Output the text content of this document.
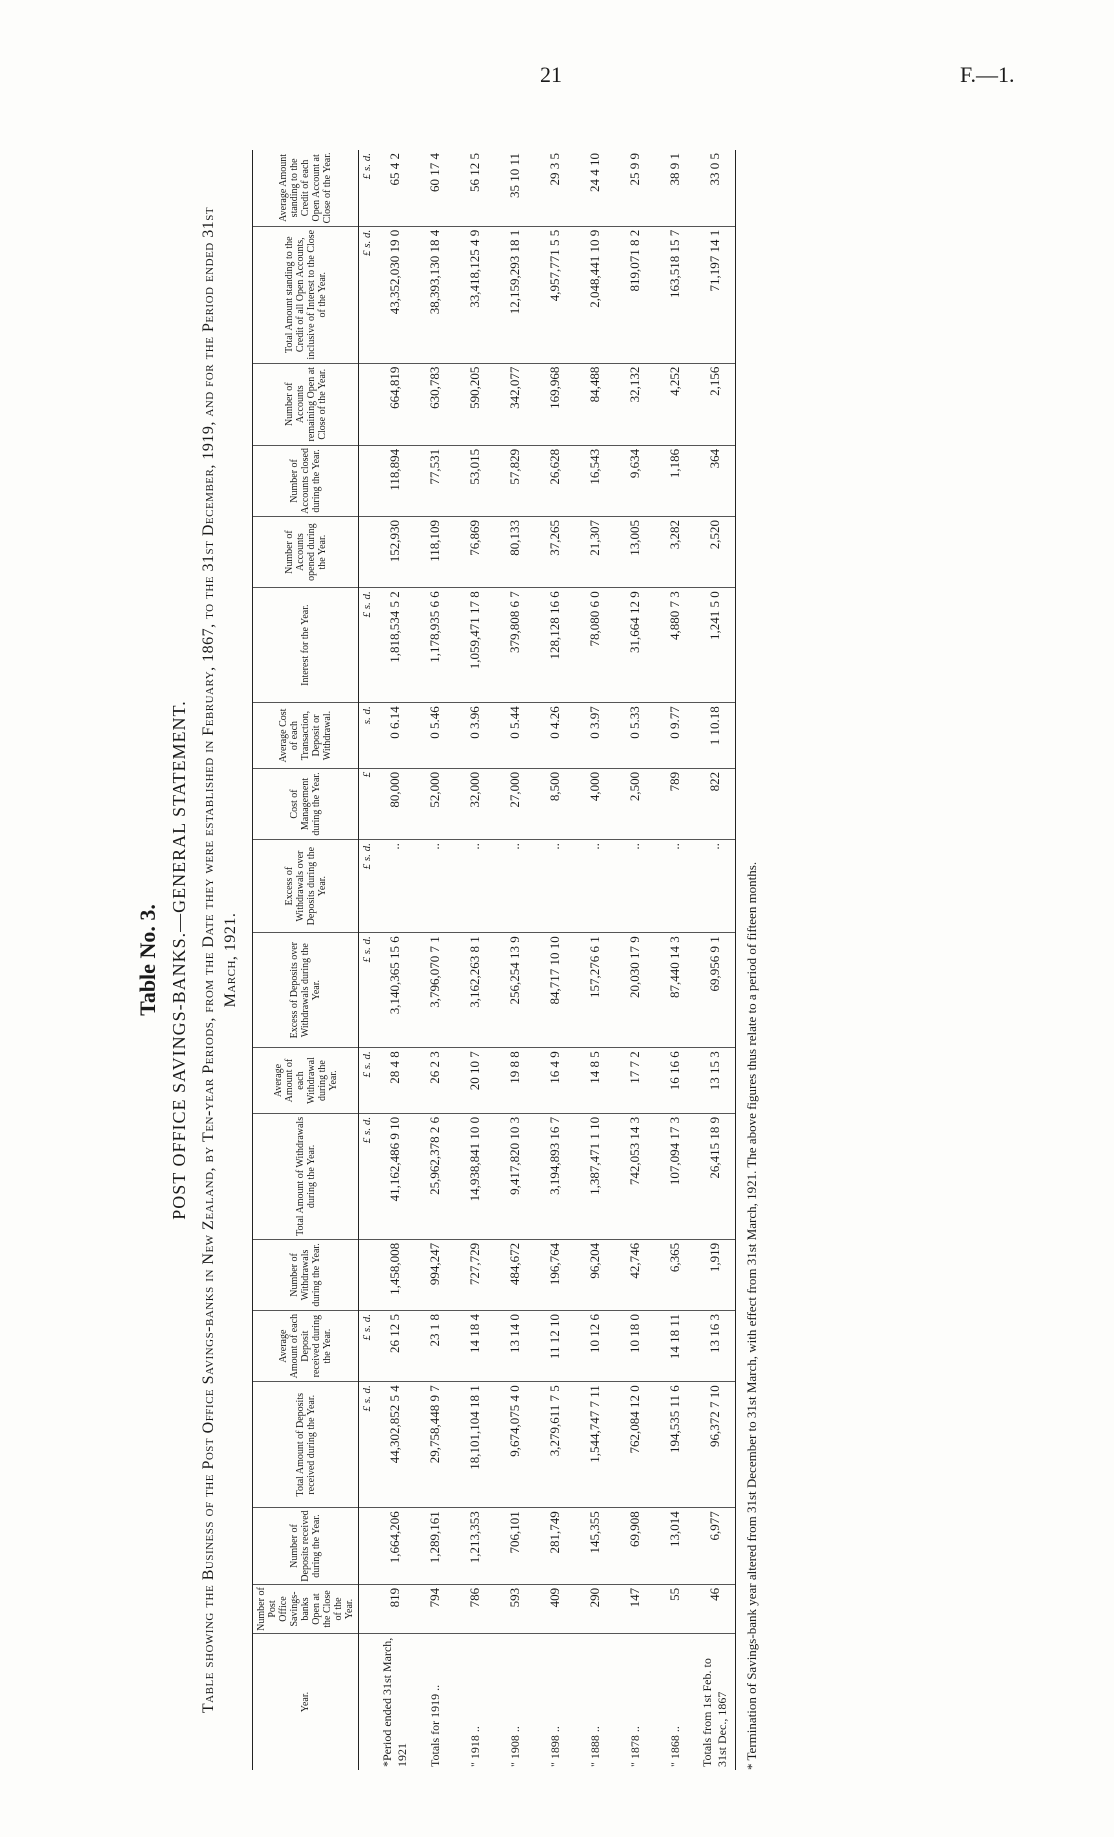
21	F.—1.
Table No. 3. POST OFFICE SAVINGS-BANKS.—GENERAL STATEMENT. Table showing the Business of the Post Office Savings-banks in New Zealand, by Ten-year Periods, from the Date they were established in February, 1867, to the 31st December, 1919, and for the Period ended 31st March, 1921.
Year.	Number of Post Office Savings-banks Open at the Close of the Year.	Number of Deposits received during the Year.	Total Amount of Deposits received during the Year.	Average Amount of each Deposit received during the Year.	Number of Withdrawals during the Year.	Total Amount of Withdrawals during the Year.	Average Amount of each Withdrawal during the Year.	Excess of Deposits over Withdrawals during the Year.	Excess of Withdrawals over Deposits during the Year.	Cost of Management during the Year.	Average Cost of each Transaction, Deposit or Withdrawal.	Interest for the Year.	Number of Accounts opened during the Year.	Number of Accounts closed during the Year.	Number of Accounts remaining Open at Close of the Year.	Total Amount standing to the Credit of all Open Accounts, inclusive of Interest to the Close of the Year.	Average Amount standing to the Credit of each Open Account at Close of the Year.
			£ s. d.	£ s. d.		£ s. d.	£ s. d.	£ s. d.	£ s. d.	£	s. d.	£ s. d.				£ s. d.	£ s. d.
*Period ended 31st March, 1921	819	1,664,206	44,302,852 5 4	26 12 5	1,458,008	41,162,486 9 10	28 4 8	3,140,365 15 6	..	80,000	0 6.14	1,818,534 5 2	152,930	118,894	664,819	43,352,030 19 0	65 4 2
Totals for 1919 ..	794	1,289,161	29,758,448 9 7	23 1 8	994,247	25,962,378 2 6	26 2 3	3,796,070 7 1	..	52,000	0 5.46	1,178,935 6 6	118,109	77,531	630,783	38,393,130 18 4	60 17 4
" 1918 ..	786	1,213,353	18,101,104 18 1	14 18 4	727,729	14,938,841 10 0	20 10 7	3,162,263 8 1	..	32,000	0 3.96	1,059,471 17 8	76,869	53,015	590,205	33,418,125 4 9	56 12 5
" 1908 ..	593	706,101	9,674,075 4 0	13 14 0	484,672	9,417,820 10 3	19 8 8	256,254 13 9	..	27,000	0 5.44	379,808 6 7	80,133	57,829	342,077	12,159,293 18 1	35 10 11
" 1898 ..	409	281,749	3,279,611 7 5	11 12 10	196,764	3,194,893 16 7	16 4 9	84,717 10 10	..	8,500	0 4.26	128,128 16 6	37,265	26,628	169,968	4,957,771 5 5	29 3 5
" 1888 ..	290	145,355	1,544,747 7 11	10 12 6	96,204	1,387,471 1 10	14 8 5	157,276 6 1	..	4,000	0 3.97	78,080 6 0	21,307	16,543	84,488	2,048,441 10 9	24 4 10
" 1878 ..	147	69,908	762,084 12 0	10 18 0	42,746	742,053 14 3	17 7 2	20,030 17 9	..	2,500	0 5.33	31,664 12 9	13,005	9,634	32,132	819,071 8 2	25 9 9
" 1868 ..	55	13,014	194,535 11 6	14 18 11	6,365	107,094 17 3	16 16 6	87,440 14 3	..	789	0 9.77	4,880 7 3	3,282	1,186	4,252	163,518 15 7	38 9 1
Totals from 1st Feb. to 31st Dec., 1867	46	6,977	96,372 7 10	13 16 3	1,919	26,415 18 9	13 15 3	69,956 9 1	..	822	1 10.18	1,241 5 0	2,520	364	2,156	71,197 14 1	33 0 5
* Termination of Savings-bank year altered from 31st December to 31st March, with effect from 31st March, 1921. The above figures thus relate to a period of fifteen months.
